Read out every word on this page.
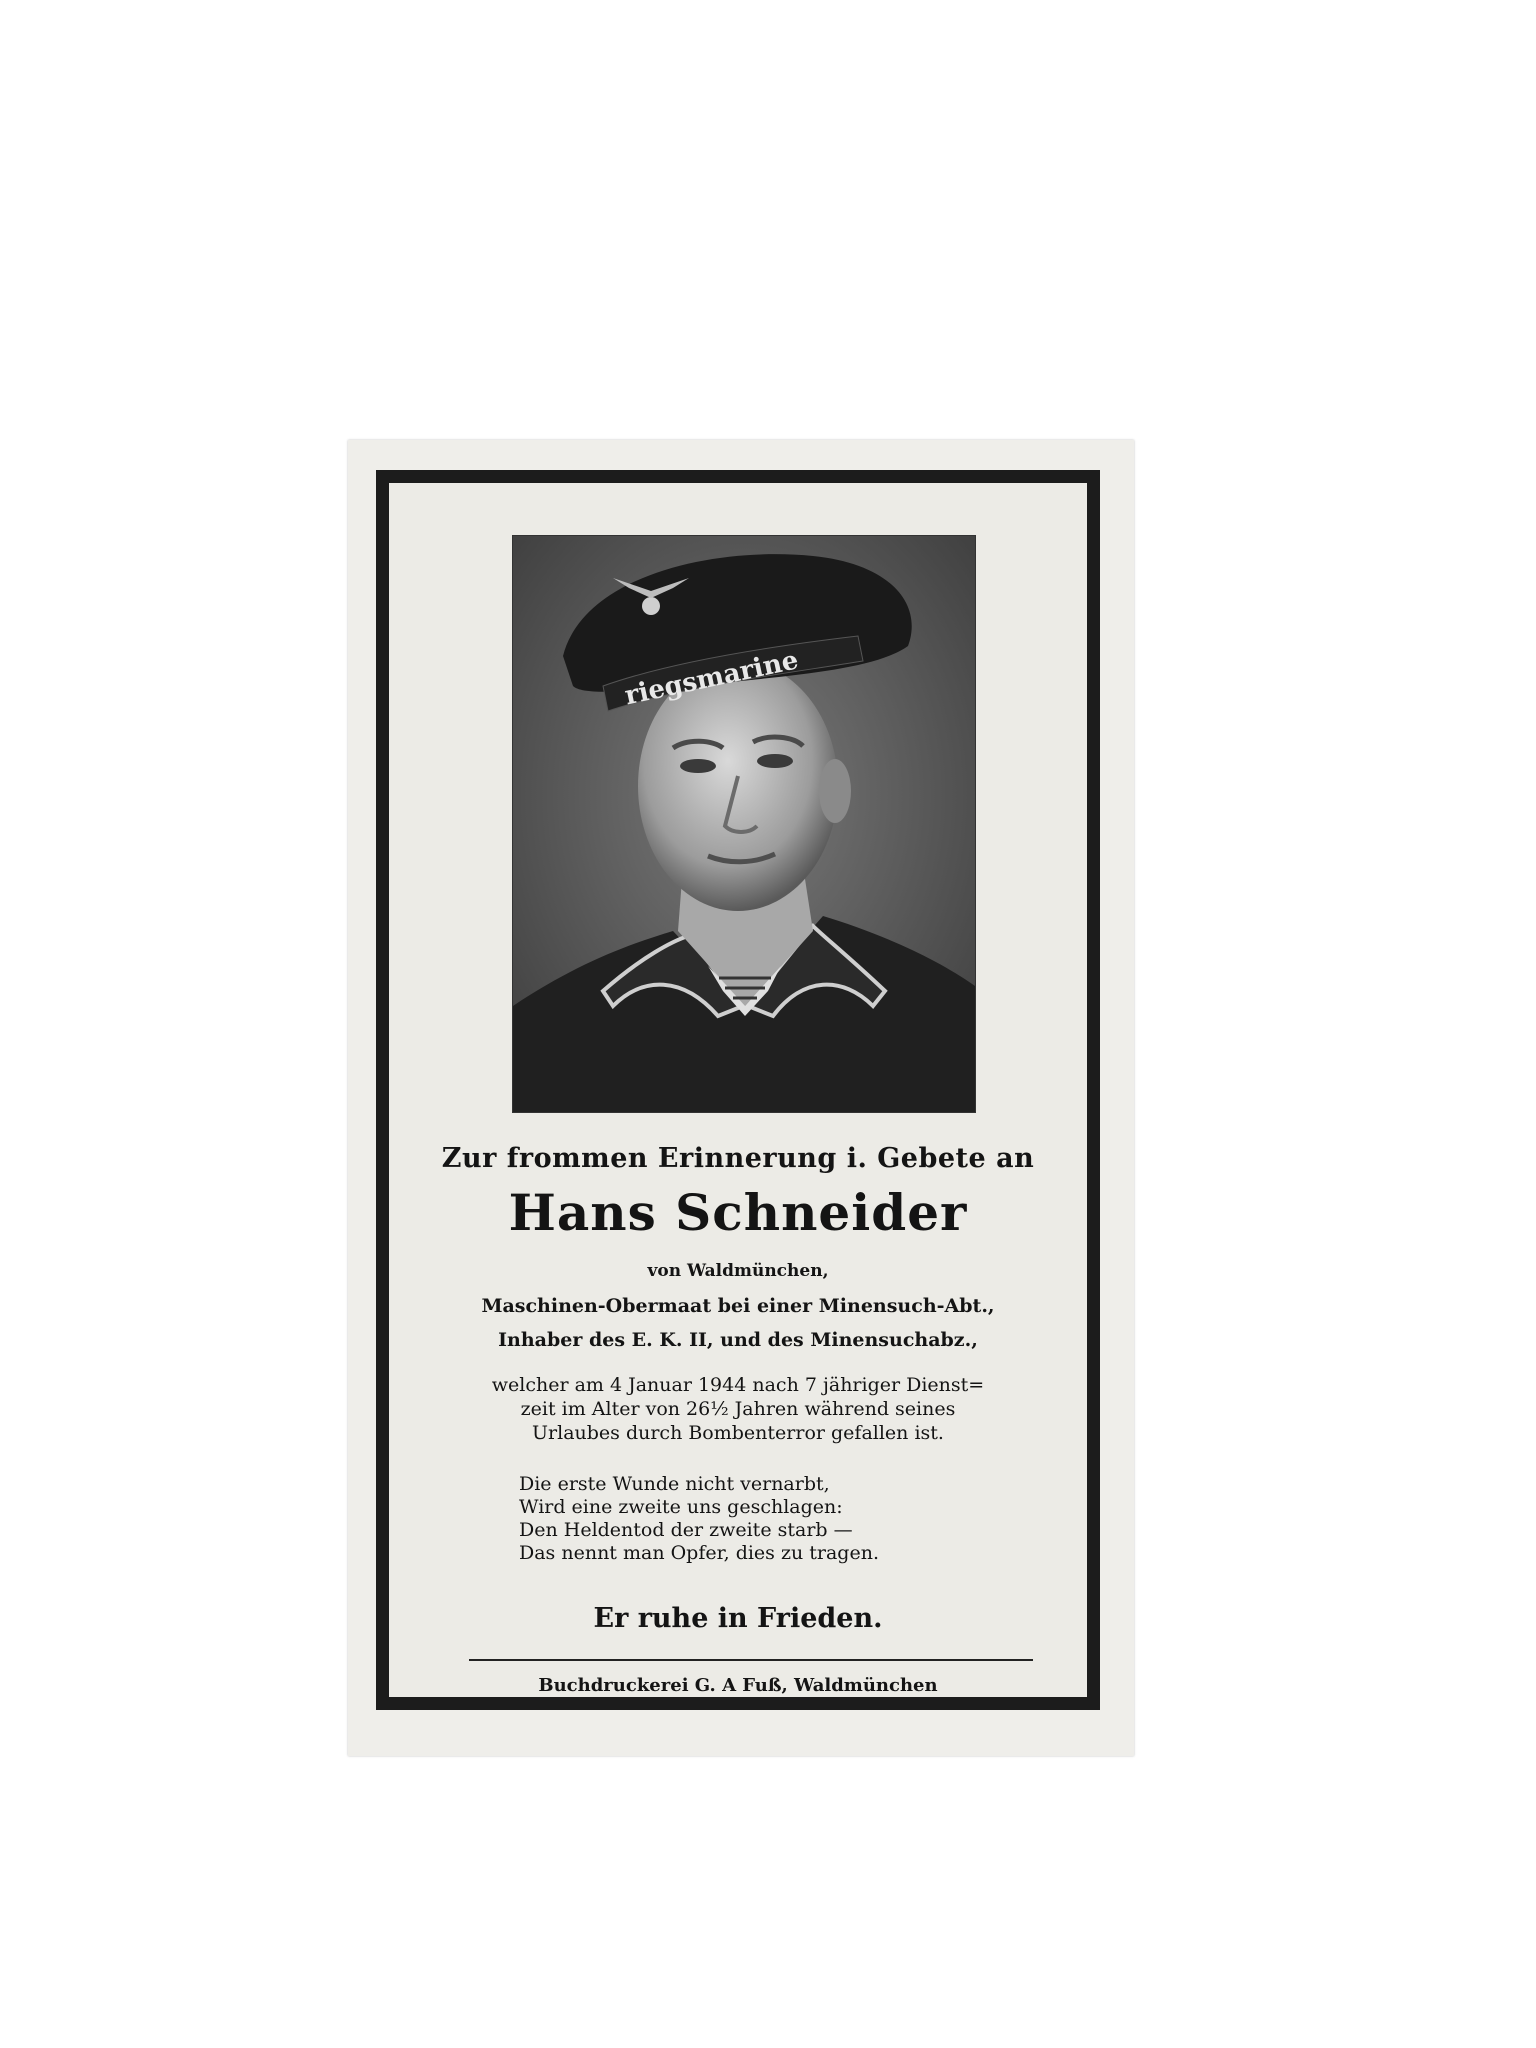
riegsmarine
Zur frommen Erinnerung i. Gebete an
Hans Schneider
von Waldmünchen,
Maschinen-Obermaat bei einer Minensuch-Abt.,
Inhaber des E. K. II, und des Minensuchabz.,
welcher am 4 Januar 1944 nach 7 jähriger Dienst=
zeit im Alter von 26½ Jahren während seines
Urlaubes durch Bombenterror gefallen ist.
Die erste Wunde nicht vernarbt,
Wird eine zweite uns geschlagen:
Den Heldentod der zweite starb —
Das nennt man Opfer, dies zu tragen.
Er ruhe in Frieden.
Buchdruckerei G. A Fuß, Waldmünchen
